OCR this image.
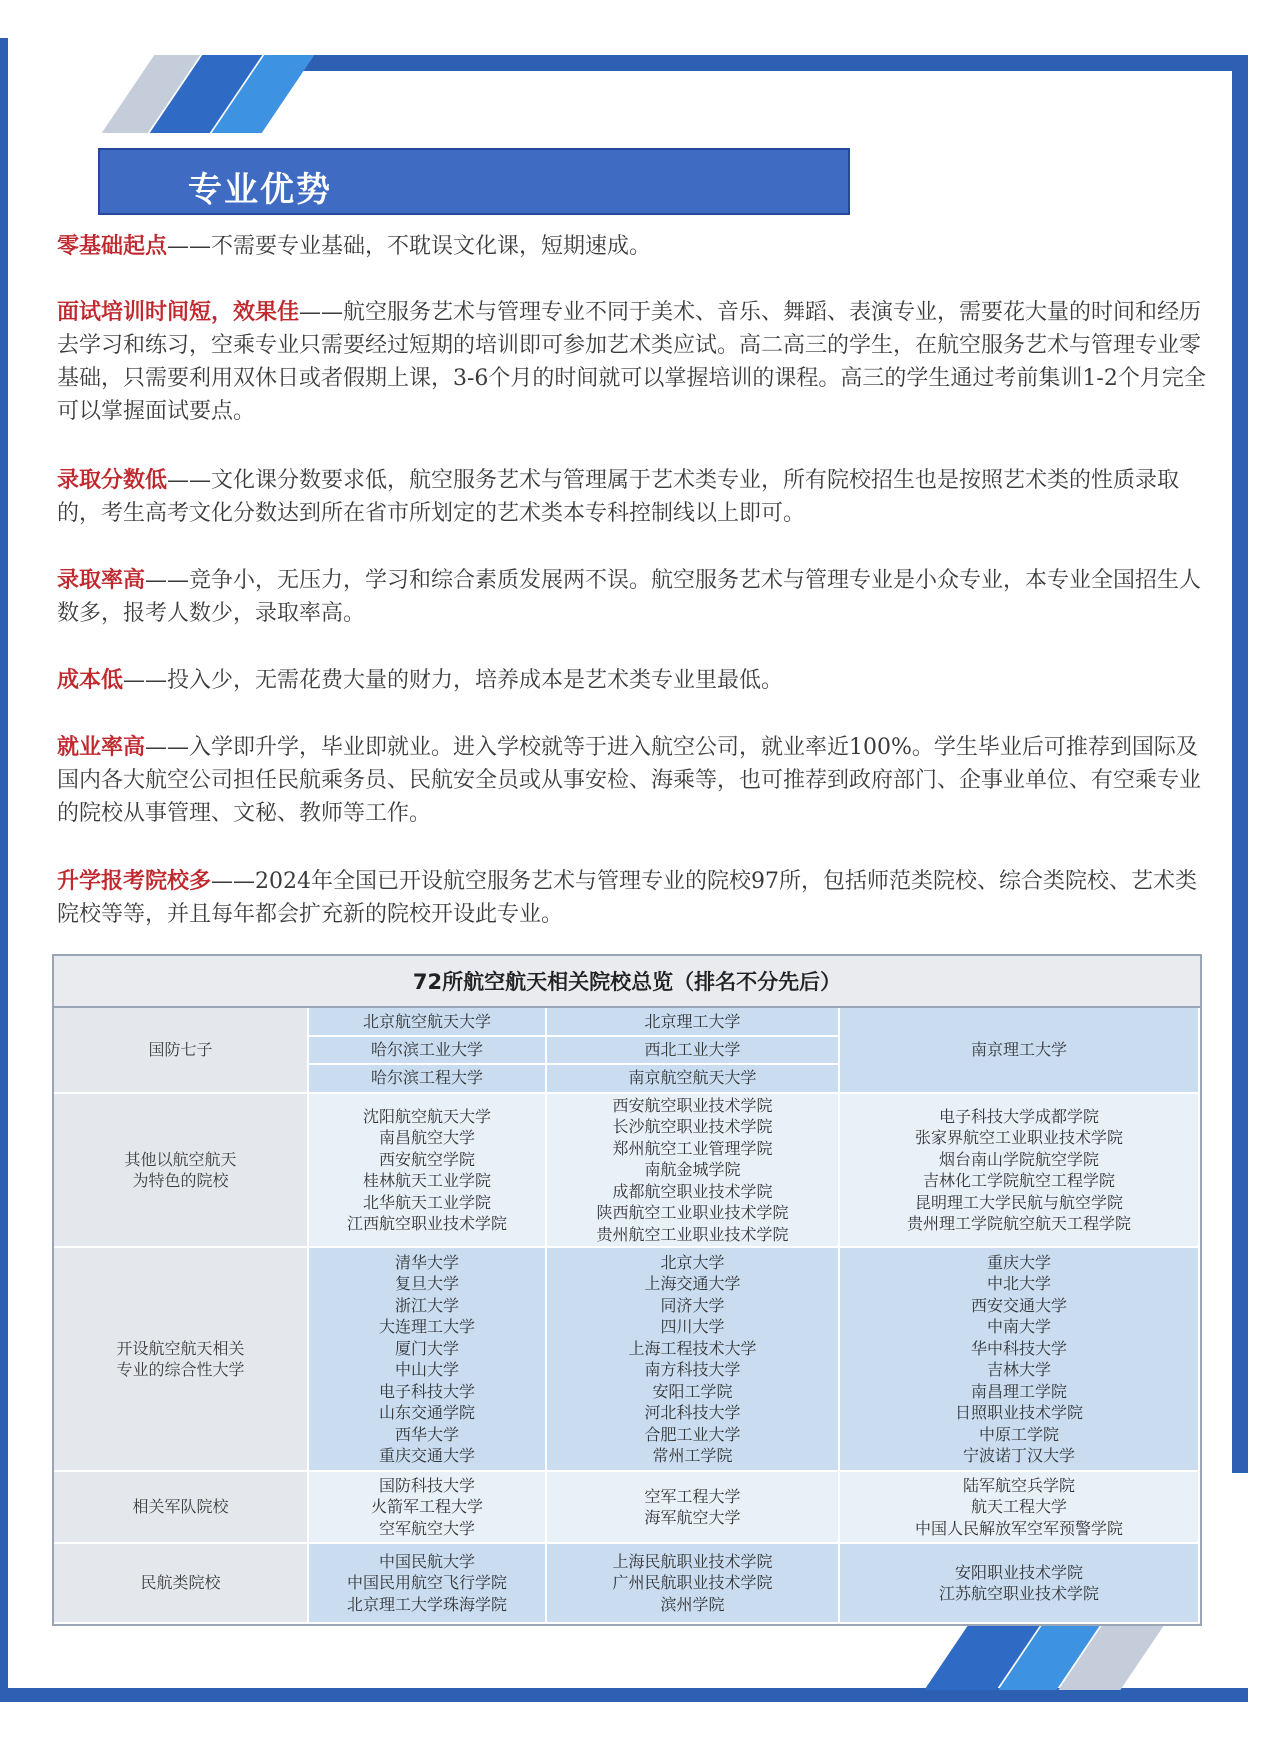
专业优势
零基础起点——不需要专业基础，不耽误文化课，短期速成。
面试培训时间短，效果佳——航空服务艺术与管理专业不同于美术、音乐、舞蹈、表演专业，需要花大量的时间和经历去学习和练习，空乘专业只需要经过短期的培训即可参加艺术类应试。高二高三的学生，在航空服务艺术与管理专业零基础，只需要利用双休日或者假期上课，3-6个月的时间就可以掌握培训的课程。高三的学生通过考前集训1-2个月完全可以掌握面试要点。
录取分数低——文化课分数要求低，航空服务艺术与管理属于艺术类专业，所有院校招生也是按照艺术类的性质录取的，考生高考文化分数达到所在省市所划定的艺术类本专科控制线以上即可。
录取率高——竞争小，无压力，学习和综合素质发展两不误。航空服务艺术与管理专业是小众专业，本专业全国招生人数多，报考人数少，录取率高。
成本低——投入少，无需花费大量的财力，培养成本是艺术类专业里最低。
就业率高——入学即升学，毕业即就业。进入学校就等于进入航空公司，就业率近100%。学生毕业后可推荐到国际及国内各大航空公司担任民航乘务员、民航安全员或从事安检、海乘等，也可推荐到政府部门、企事业单位、有空乘专业的院校从事管理、文秘、教师等工作。
升学报考院校多——2024年全国已开设航空服务艺术与管理专业的院校97所，包括师范类院校、综合类院校、艺术类院校等等，并且每年都会扩充新的院校开设此专业。
72所航空航天相关院校总览（排名不分先后）
国防七子
北京航空航天大学
哈尔滨工业大学
哈尔滨工程大学
北京理工大学
西北工业大学
南京航空航天大学
南京理工大学
其他以航空航天
为特色的院校
沈阳航空航天大学
南昌航空大学
西安航空学院
桂林航天工业学院
北华航天工业学院
江西航空职业技术学院
西安航空职业技术学院
长沙航空职业技术学院
郑州航空工业管理学院
南航金城学院
成都航空职业技术学院
陕西航空工业职业技术学院
贵州航空工业职业技术学院
电子科技大学成都学院
张家界航空工业职业技术学院
烟台南山学院航空学院
吉林化工学院航空工程学院
昆明理工大学民航与航空学院
贵州理工学院航空航天工程学院
开设航空航天相关
专业的综合性大学
清华大学
复旦大学
浙江大学
大连理工大学
厦门大学
中山大学
电子科技大学
山东交通学院
西华大学
重庆交通大学
北京大学
上海交通大学
同济大学
四川大学
上海工程技术大学
南方科技大学
安阳工学院
河北科技大学
合肥工业大学
常州工学院
重庆大学
中北大学
西安交通大学
中南大学
华中科技大学
吉林大学
南昌理工学院
日照职业技术学院
中原工学院
宁波诺丁汉大学
相关军队院校
国防科技大学
火箭军工程大学
空军航空大学
空军工程大学
海军航空大学
陆军航空兵学院
航天工程大学
中国人民解放军空军预警学院
民航类院校
中国民航大学
中国民用航空飞行学院
北京理工大学珠海学院
上海民航职业技术学院
广州民航职业技术学院
滨州学院
安阳职业技术学院
江苏航空职业技术学院
